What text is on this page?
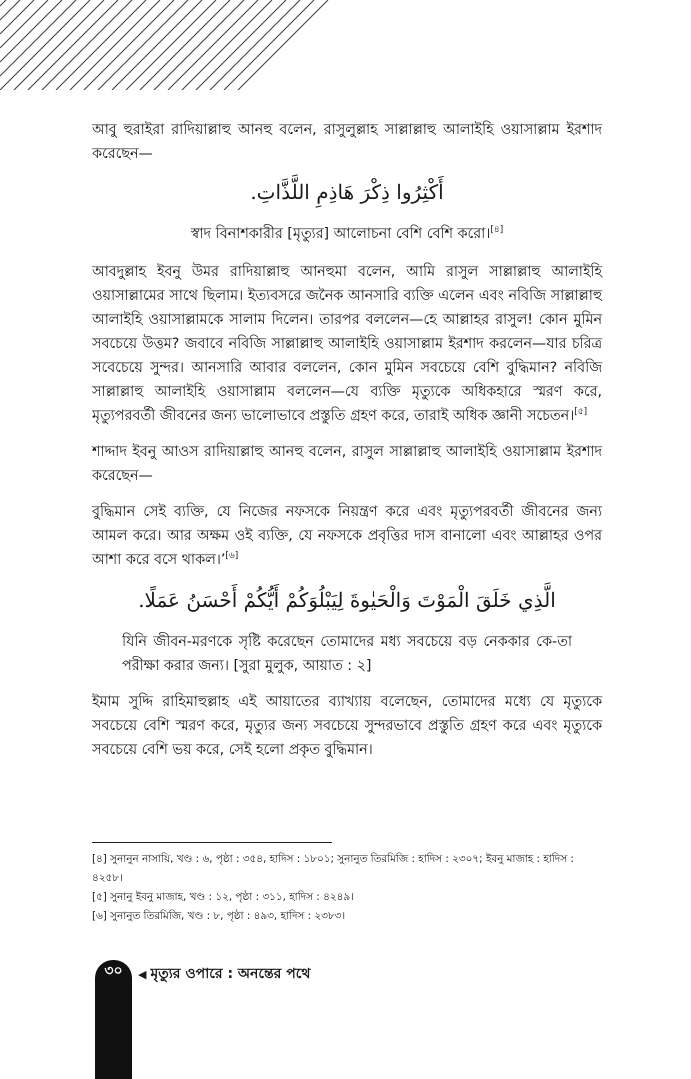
আবু হুরাইরা রাদিয়াল্লাহু আনহু বলেন, রাসুলুল্লাহ সাল্লাল্লাহু আলাইহি ওয়াসাল্লাম ইরশাদ করেছেন—

أَكْثِرُوا ذِكْرَ هَاذِمِ اللَّذَّاتِ.

স্বাদ বিনাশকারীর [মৃত্যুর] আলোচনা বেশি বেশি করো।[৪]

আবদুল্লাহ ইবনু উমর রাদিয়াল্লাহু আনহুমা বলেন, আমি রাসুল সাল্লাল্লাহু আলাইহি ওয়াসাল্লামের সাথে ছিলাম। ইত্যবসরে জনৈক আনসারি ব্যক্তি এলেন এবং নবিজি সাল্লাল্লাহু আলাইহি ওয়াসাল্লামকে সালাম দিলেন। তারপর বললেন—হে আল্লাহর রাসুল! কোন মুমিন সবচেয়ে উত্তম? জবাবে নবিজি সাল্লাল্লাহু আলাইহি ওয়াসাল্লাম ইরশাদ করলেন—যার চরিত্র সবেচেয়ে সুন্দর। আনসারি আবার বললেন, কোন মুমিন সবচেয়ে বেশি বুদ্ধিমান? নবিজি সাল্লাল্লাহু আলাইহি ওয়াসাল্লাম বললেন—যে ব্যক্তি মৃত্যুকে অধিকহারে স্মরণ করে, মৃত্যুপরবর্তী জীবনের জন্য ভালোভাবে প্রস্তুতি গ্রহণ করে, তারাই অধিক জ্ঞানী সচেতন।[৫]

শাদ্দাদ ইবনু আওস রাদিয়াল্লাহু আনহু বলেন, রাসুল সাল্লাল্লাহু আলাইহি ওয়াসাল্লাম ইরশাদ করেছেন—

বুদ্ধিমান সেই ব্যক্তি, যে নিজের নফসকে নিয়ন্ত্রণ করে এবং মৃত্যুপরবর্তী জীবনের জন্য আমল করে। আর অক্ষম ওই ব্যক্তি, যে নফসকে প্রবৃত্তির দাস বানালো এবং আল্লাহর ওপর আশা করে বসে থাকল।’[৬]

الَّذِي خَلَقَ الْمَوْتَ وَالْحَيٰوةَ لِيَبْلُوَكُمْ أَيُّكُمْ أَحْسَنُ عَمَلًا.

যিনি জীবন-মরণকে সৃষ্টি করেছেন তোমাদের মধ্য সবচেয়ে বড় নেককার কে-তা পরীক্ষা করার জন্য। [সুরা মুলুক, আয়াত : ২]

ইমাম সুদ্দি রাহিমাহুল্লাহ এই আয়াতের ব্যাখ্যায় বলেছেন, তোমাদের মধ্যে যে মৃত্যুকে সবচেয়ে বেশি স্মরণ করে, মৃত্যুর জন্য সবচেয়ে সুন্দরভাবে প্রস্তুতি গ্রহণ করে এবং মৃত্যুকে সবচেয়ে বেশি ভয় করে, সেই হলো প্রকৃত বুদ্ধিমান।

[৪] সুনানুন নাসায়ি, খণ্ড : ৬, পৃষ্ঠা : ৩৫৪, হাদিস : ১৮০১; সুনানুত তিরমিজি : হাদিস : ২৩০৭; ইবনু মাজাহ : হাদিস : ৪২৫৮।

[৫] সুনানু ইবনু মাজাহ, খণ্ড : ১২, পৃষ্ঠা : ৩১১, হাদিস : ৪২৪৯।

[৬] সুনানুত তিরমিজি, খণ্ড : ৮, পৃষ্ঠা : ৪৯৩, হাদিস : ২৩৮৩।

৩০	◀ মৃত্যুর ওপারে : অনন্তের পথে
